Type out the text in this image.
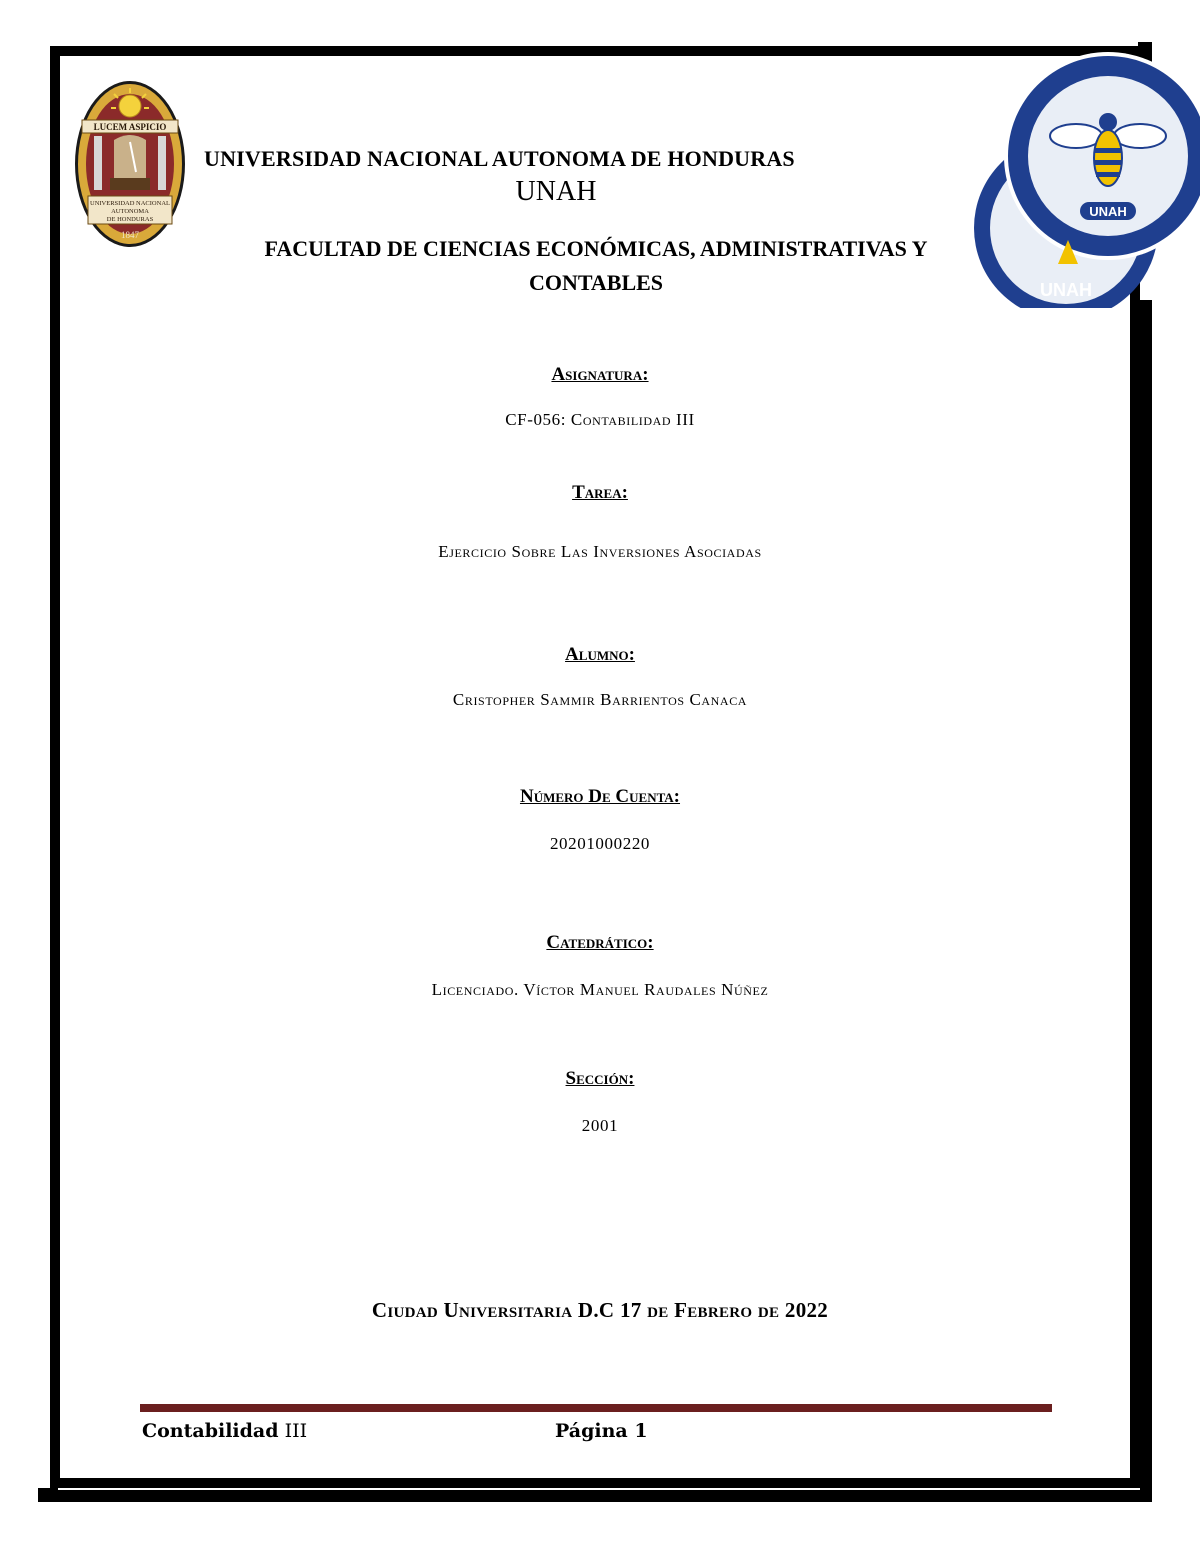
LUCEM ASPICIO
UNIVERSIDAD NACIONAL
AUTONOMA
DE HONDURAS
1847
UNAH
UNAH
UNIVERSIDAD NACIONAL AUTONOMA DE HONDURAS
UNAH
FACULTAD DE CIENCIAS ECONÓMICAS, ADMINISTRATIVAS Y CONTABLES
Asignatura:
CF-056: Contabilidad III
Tarea:
Ejercicio Sobre Las Inversiones Asociadas
Alumno:
Cristopher Sammir Barrientos Canaca
Número De Cuenta:
20201000220
Catedrático:
Licenciado. Víctor Manuel Raudales Núñez
Sección:
2001
Ciudad Universitaria D.C 17 de Febrero de 2022
Contabilidad III	Página 1
